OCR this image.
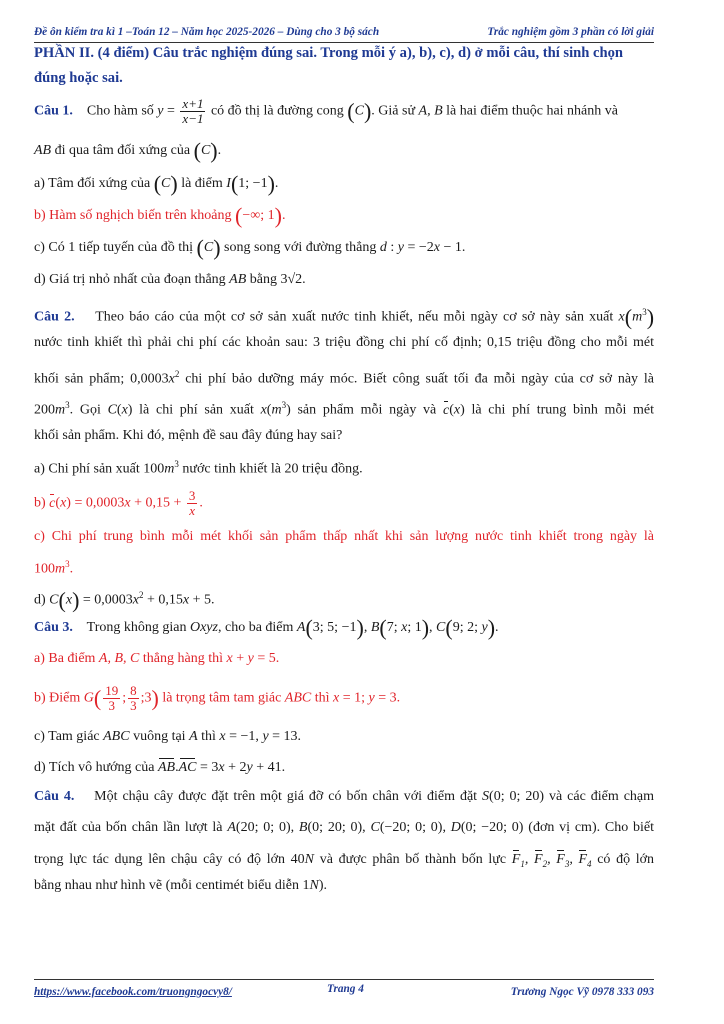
Đề ôn kiểm tra kì 1 –Toán 12 – Năm học 2025-2026 – Dùng cho 3 bộ sách	Trắc nghiệm gồm 3 phần có lời giải
PHẦN II. (4 điểm) Câu trắc nghiệm đúng sai. Trong mỗi ý a), b), c), d) ở mỗi câu, thí sinh chọn đúng hoặc sai.
Câu 1. Cho hàm số $y = \frac{x+1}{x-1}$ có đồ thị là đường cong (C). Giả sử A, B là hai điểm thuộc hai nhánh và
AB đi qua tâm đối xứng của (C).
a) Tâm đối xứng của (C) là điểm I(1; −1).
b) Hàm số nghịch biến trên khoảng (−∞; 1).
c) Có 1 tiếp tuyến của đồ thị (C) song song với đường thẳng d : y = −2x − 1.
d) Giá trị nhỏ nhất của đoạn thẳng AB bằng 3√2.
Câu 2. Theo báo cáo của một cơ sở sản xuất nước tinh khiết, nếu mỗi ngày cơ sở này sản xuất $x(m^3)$
nước tinh khiết thì phải chi phí các khoản sau: 3 triệu đồng chi phí cố định; 0,15 triệu đồng cho mỗi mét
khối sản phẩm; $0,0003x^2$ chi phí bảo dưỡng máy móc. Biết công suất tối đa mỗi ngày của cơ sở này là
$200m^3$. Gọi C(x) là chi phí sản xuất $x(m^3)$ sản phẩm mỗi ngày và c(x) là chi phí trung bình mỗi mét
khối sản phẩm. Khi đó, mệnh đề sau đây đúng hay sai?
a) Chi phí sản xuất $100m^3$ nước tinh khiết là 20 triệu đồng.
b) $c(x) = 0,0003x + 0,15 + \frac{3}{x}$ .
c) Chi phí trung bình mỗi mét khối sản phẩm thấp nhất khi sản lượng nước tinh khiết trong ngày là
$100m^3$.
d) $C(x) = 0,0003x^2 + 0,15x + 5$.
Câu 3. Trong không gian Oxyz, cho ba điểm A(3; 5; −1), B(7; x; 1), C(9; 2; y).
a) Ba điểm A, B, C thẳng hàng thì x + y = 5.
b) Điểm $G( \frac{19}{3}$ ; $\frac{8}{3}$ ;3) là trọng tâm tam giác ABC thì x = 1; y = 3.
c) Tam giác ABC vuông tại A thì x = −1, y = 13.
d) Tích vô hướng của AB.AC = 3x + 2y + 41.
Câu 4. Một chậu cây được đặt trên một giá đỡ có bốn chân với điểm đặt S(0; 0; 20) và các điểm chạm
mặt đất của bốn chân lần lượt là A(20; 0; 0), B(0; 20; 0), C(−20; 0; 0), D(0; −20; 0) (đơn vị cm). Cho biết
trọng lực tác dụng lên chậu cây có độ lớn 40N và được phân bố thành bốn lực $F_1$, $F_2$, $F_3$, $F_4$ có độ lớn
bằng nhau như hình vẽ (mỗi centimét biểu diễn 1N).
https://www.facebook.com/truongngocvy8/	Trang 4	Trương Ngọc Vỹ 0978 333 093
